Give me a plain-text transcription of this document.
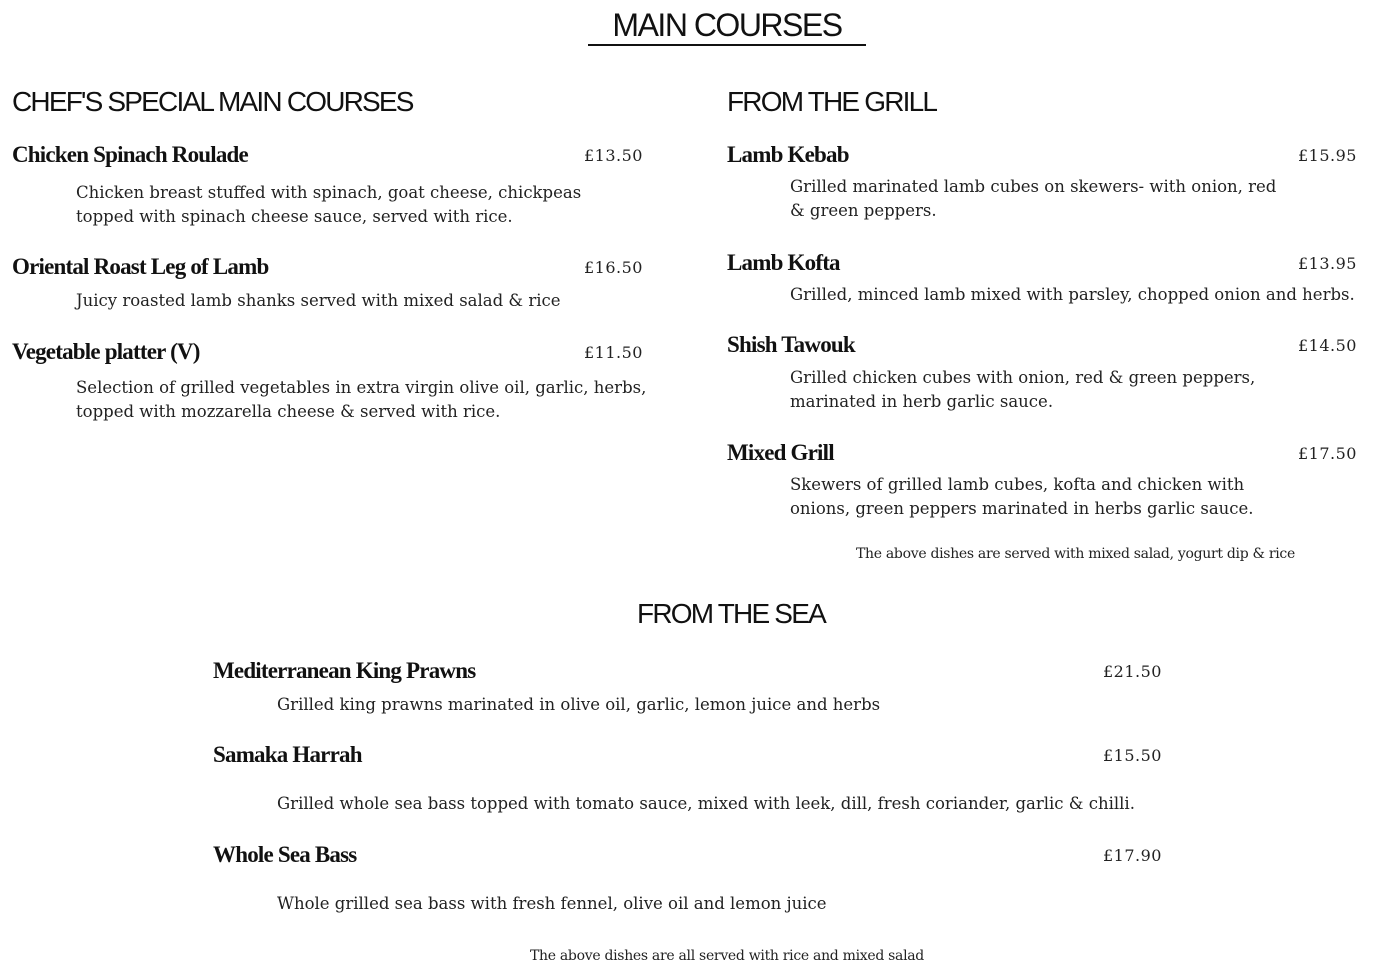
MAIN COURSES
CHEF'S SPECIAL MAIN COURSES
Chicken Spinach Roulade	£13.50
Chicken breast stuffed with spinach, goat cheese, chickpeas topped with spinach cheese sauce, served with rice.
Oriental Roast Leg of Lamb	£16.50
Juicy roasted lamb shanks served with mixed salad & rice
Vegetable platter (V)	£11.50
Selection of grilled vegetables in extra virgin olive oil, garlic, herbs, topped with mozzarella cheese & served with rice.
FROM THE GRILL
Lamb Kebab	£15.95
Grilled marinated lamb cubes on skewers- with onion, red & green peppers.
Lamb Kofta	£13.95
Grilled, minced lamb mixed with parsley, chopped onion and herbs.
Shish Tawouk	£14.50
Grilled chicken cubes with onion, red & green peppers, marinated in herb garlic sauce.
Mixed Grill	£17.50
Skewers of grilled lamb cubes, kofta and chicken with onions, green peppers marinated in herbs garlic sauce.
The above dishes are served with mixed salad, yogurt dip & rice
FROM THE SEA
Mediterranean King Prawns	£21.50
Grilled king prawns marinated in olive oil, garlic, lemon juice and herbs
Samaka Harrah	£15.50
Grilled whole sea bass topped with tomato sauce, mixed with leek, dill, fresh coriander, garlic & chilli.
Whole Sea Bass	£17.90
Whole grilled sea bass with fresh fennel, olive oil and lemon juice
The above dishes are all served with rice and mixed salad
